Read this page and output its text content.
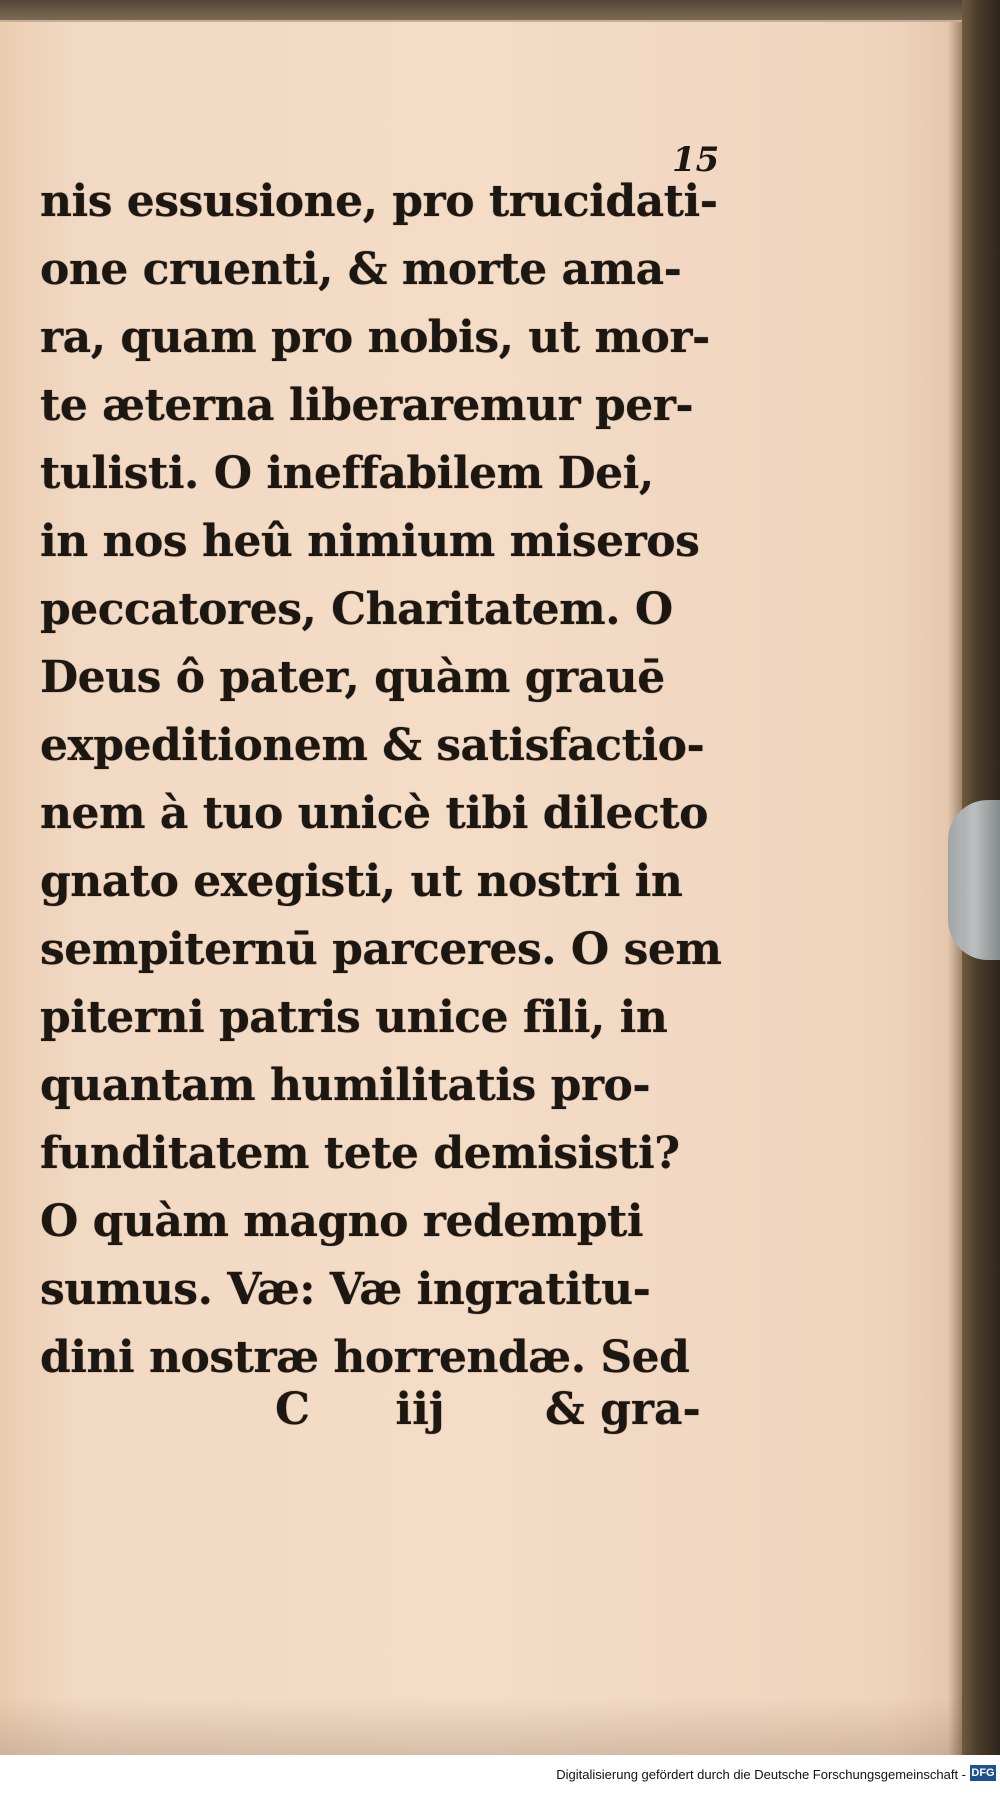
15
nis essusione, pro trucidati-
one cruenti, & morte ama-
ra, quam pro nobis, ut mor-
te æterna liberaremur per-
tulisti. O ineffabilem Dei,
in nos heû nimium miseros
peccatores, Charitatem. O
Deus ô pater, quàm grauē
expeditionem & satisfactio-
nem à tuo unicè tibi dilecto
gnato exegisti, ut nostri in
sempiternū parceres. O sem
piterni patris unice fili, in
quantam humilitatis pro-
funditatem tete demisisti?
O quàm magno redempti
sumus. Væ: Væ ingratitu-
dini nostræ horrendæ. Sed
C iij & gra-
Digitalisierung gefördert durch die Deutsche Forschungsgemeinschaft - DFG
